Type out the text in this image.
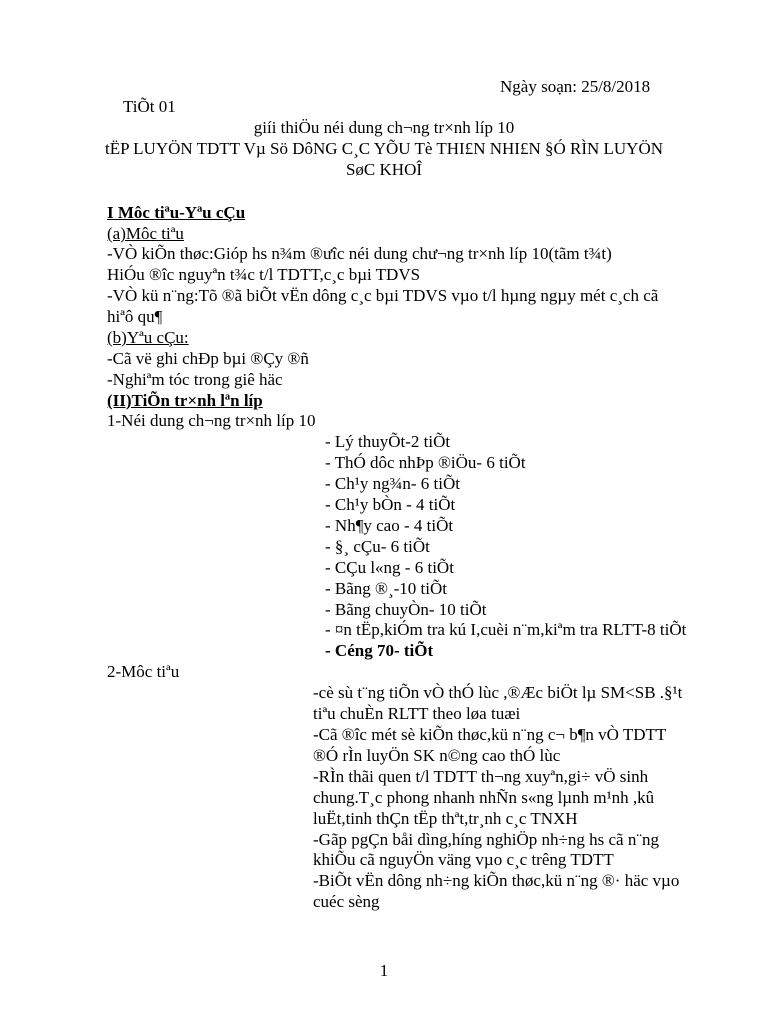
Ngày soạn: 25/8/2018
TiÕt 01
giíi thiÖu néi dung ch¬ng tr×nh líp 10
tËP LUYÖN TDTT Vµ Sö DôNG C¸C YÕU Tè THI£N NHI£N §Ó RÌN LUYÖN
SøC KHOÎ
I Môc tiªu-Yªu cÇu
(a)Môc tiªu
-VÒ kiÕn thøc:Gióp hs n¾m ®ưîc néi dung chư¬ng tr×nh líp 10(tãm t¾t)
HiÓu ®îc nguyªn t¾c t/l TDTT,c¸c bµi TDVS
-VÒ kü n¨ng:Tõ ®ã biÕt vËn dông c¸c bµi TDVS vµo t/l hµng ngµy mét c¸ch cã
hiªô qu¶
(b)Yªu cÇu:
-Cã vë ghi chÐp bµi ®Çy ®ñ
-Nghiªm tóc trong giê häc
(II)TiÕn tr×nh lªn líp
1-Néi dung ch¬ng tr×nh líp 10
- Lý thuyÕt-2 tiÕt
- ThÓ dôc nhÞp ®iÖu- 6 tiÕt
- Ch¹y ng¾n- 6 tiÕt
- Ch¹y bÒn - 4 tiÕt
- Nh¶y cao - 4 tiÕt
- §¸ cÇu- 6 tiÕt
- CÇu l«ng - 6 tiÕt
- Bãng ®¸-10 tiÕt
- Bãng chuyÒn- 10 tiÕt
- ¤n tËp,kiÓm tra kú I,cuèi n¨m,kiªm tra RLTT-8 tiÕt
- Céng 70- tiÕt
2-Môc tiªu
-cè sù t¨ng tiÕn vÒ thÓ lùc ,®Æc biÖt lµ SM<SB .§¹t
tiªu chuÈn RLTT theo løa tuæi
-Cã ®îc mét sè kiÕn thøc,kü n¨ng c¬ b¶n vÒ TDTT
®Ó rÌn luyÖn SK n©ng cao thÓ lùc
-RÌn thãi quen t/l TDTT th¬ng xuyªn,gi÷ vÖ sinh
chung.T¸c phong nhanh nhÑn s«ng lµnh m¹nh ,kû
luËt,tinh thÇn tËp thªt,tr¸nh c¸c TNXH
-Gãp pgÇn båi dìng,híng nghiÖp nh÷ng hs cã n¨ng
khiÕu cã nguyÖn väng vµo c¸c trêng TDTT
-BiÕt vËn dông nh÷ng kiÕn thøc,kü n¨ng ®· häc vµo
cuéc sèng
1
